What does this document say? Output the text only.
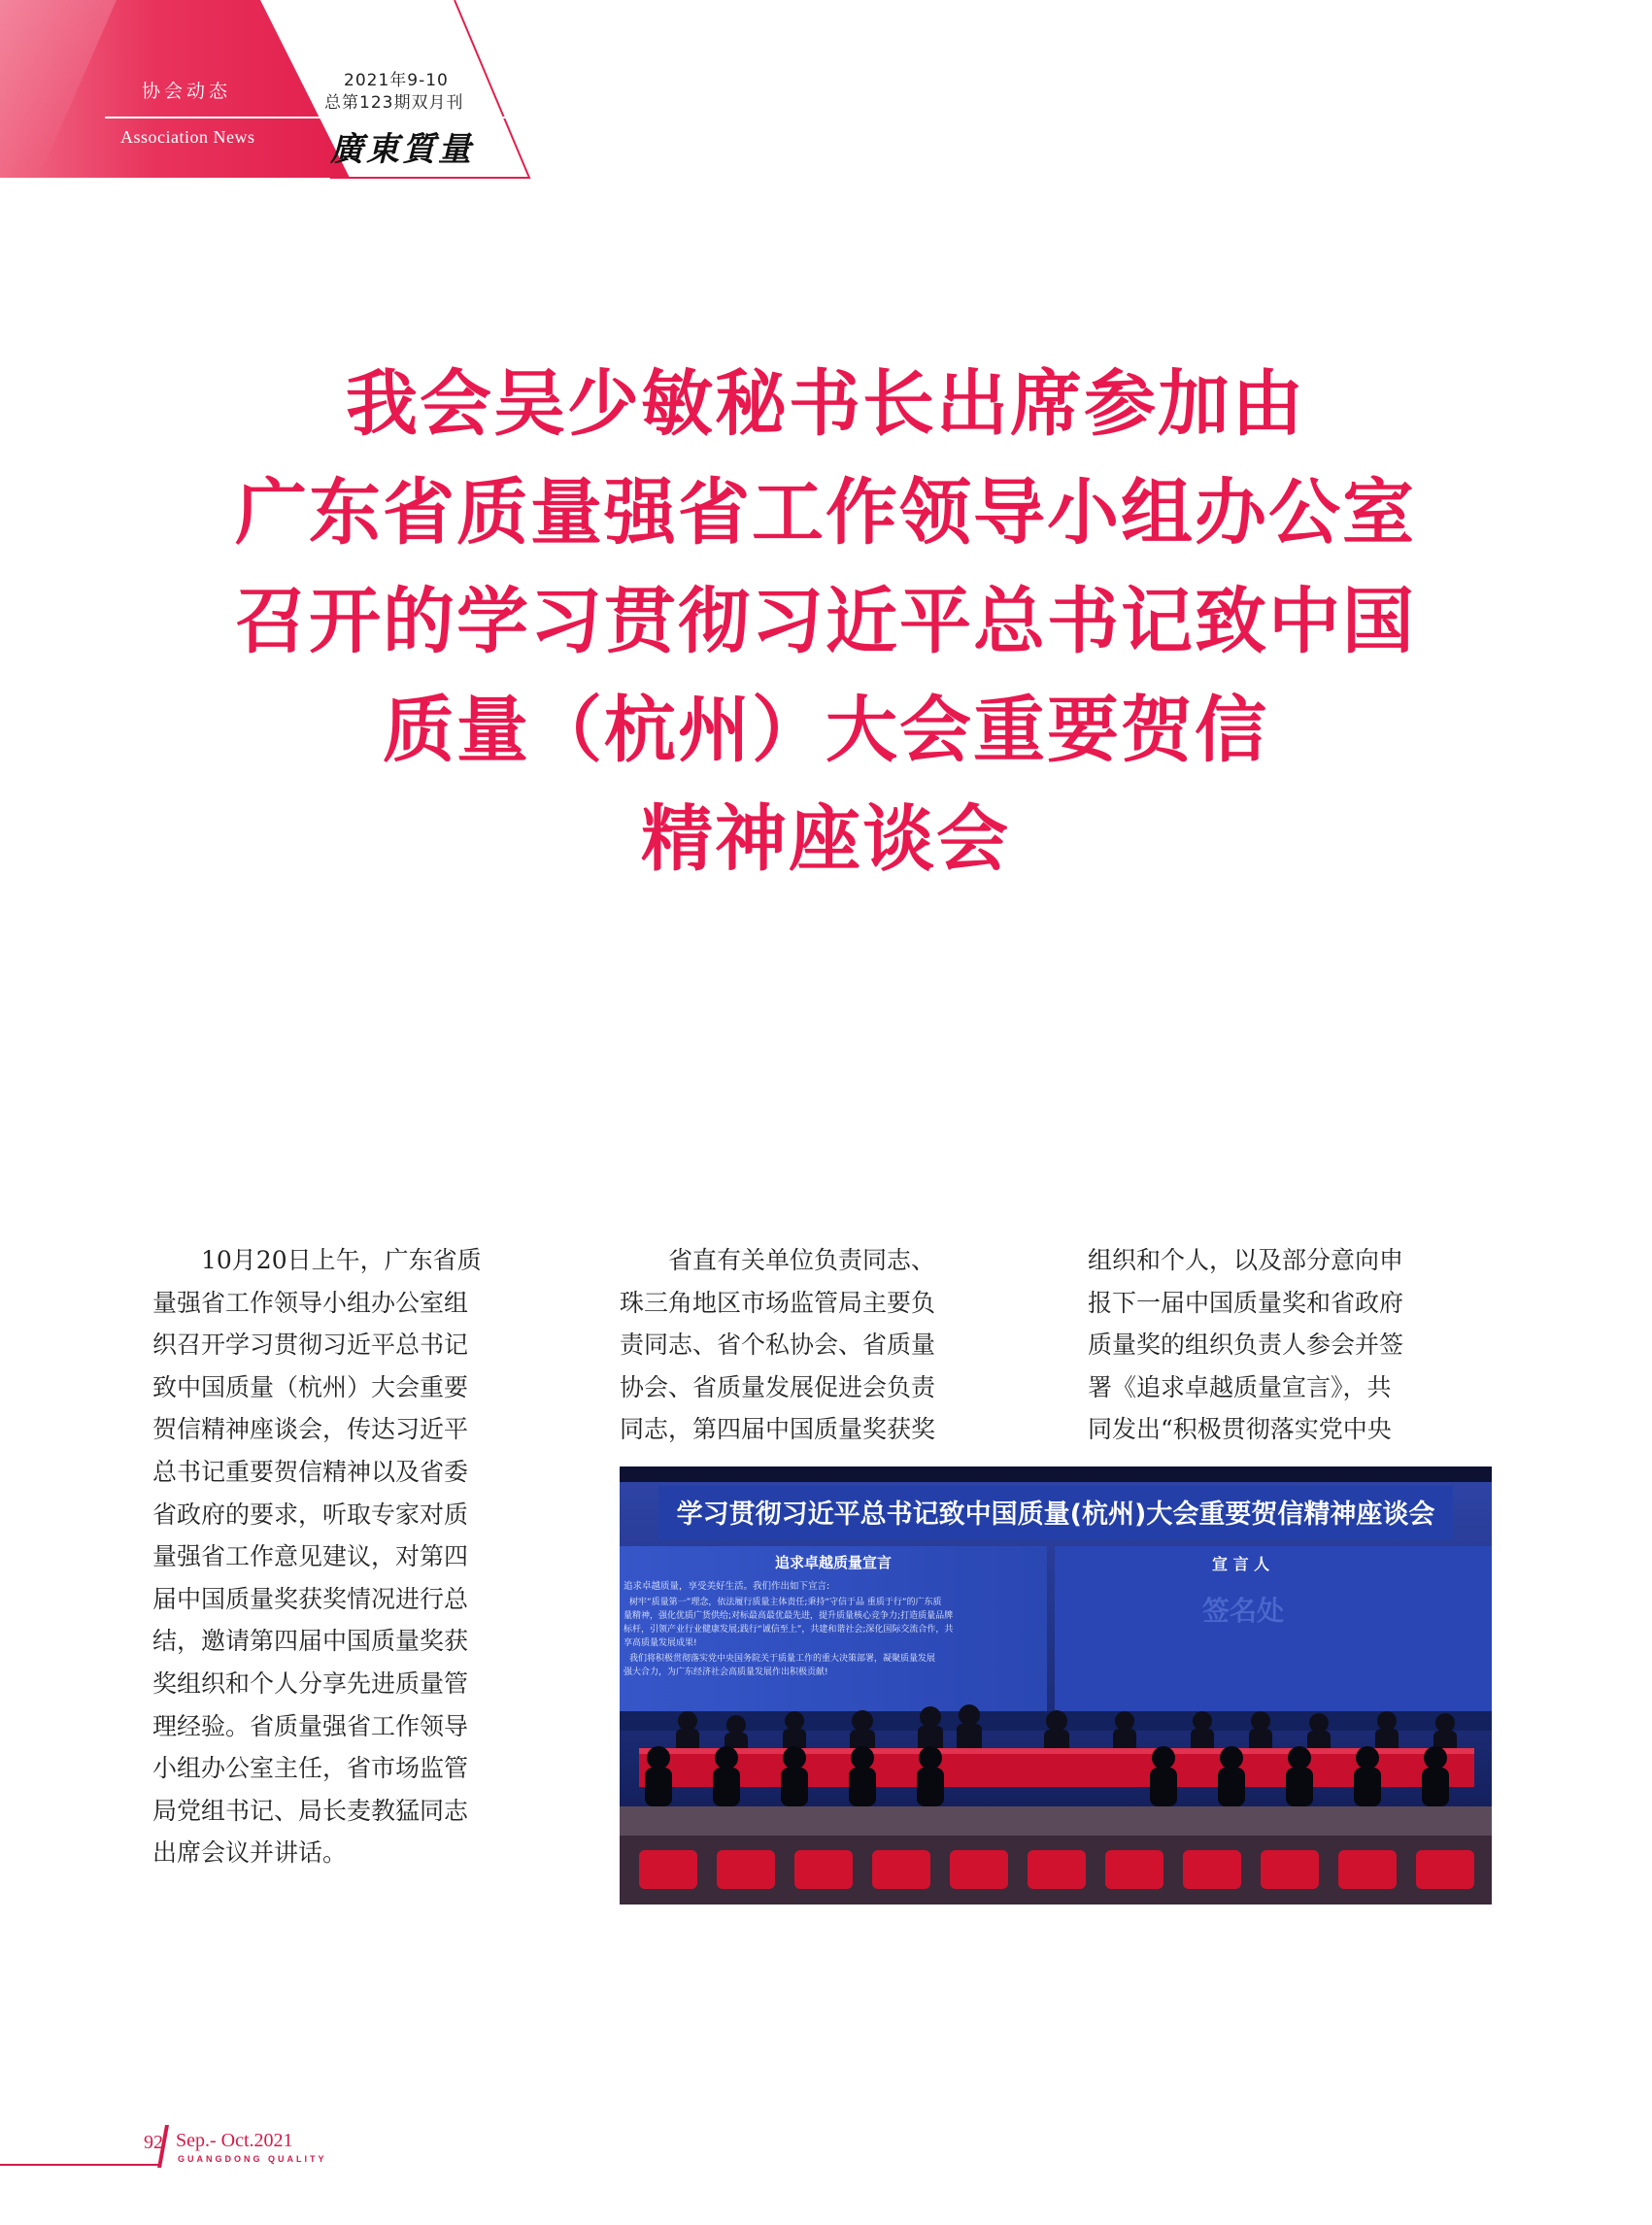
协会动态
Association News
2021年9-10
总第123期双月刊
廣東質量
我会吴少敏秘书长出席参加由
广东省质量强省工作领导小组办公室
召开的学习贯彻习近平总书记致中国
质量（杭州）大会重要贺信
精神座谈会

10月20日上午，广东省质

量强省工作领导小组办公室组

织召开学习贯彻习近平总书记

致中国质量（杭州）大会重要

贺信精神座谈会，传达习近平

总书记重要贺信精神以及省委

省政府的要求，听取专家对质

量强省工作意见建议，对第四

届中国质量奖获奖情况进行总

结，邀请第四届中国质量奖获

奖组织和个人分享先进质量管

理经验。省质量强省工作领导

小组办公室主任，省市场监管

局党组书记、局长麦教猛同志

出席会议并讲话。

省直有关单位负责同志、

珠三角地区市场监管局主要负

责同志、省个私协会、省质量

协会、省质量发展促进会负责

同志，第四届中国质量奖获奖

组织和个人，以及部分意向申

报下一届中国质量奖和省政府

质量奖的组织负责人参会并签

署《追求卓越质量宣言》，共

同发出“积极贯彻落实党中央

学习贯彻习近平总书记致中国质量(杭州)大会重要贺信精神座谈会
追求卓越质量宣言
追求卓越质量，享受美好生活。我们作出如下宣言:
树牢“质量第一”理念，依法履行质量主体责任;秉持“守信于品 重质于行”的广东质
量精神，强化优质广货供给;对标最高最优最先进，提升质量核心竞争力;打造质量品牌
标杆，引领产业行业健康发展;践行“诚信至上”，共建和谐社会;深化国际交流合作，共
享高质量发展成果!
我们将积极贯彻落实党中央国务院关于质量工作的重大决策部署，凝聚质量发展
强大合力，为广东经济社会高质量发展作出积极贡献!
宣 言 人
签名处
92 Sep.- Oct.2021
GUANGDONG QUALITY
